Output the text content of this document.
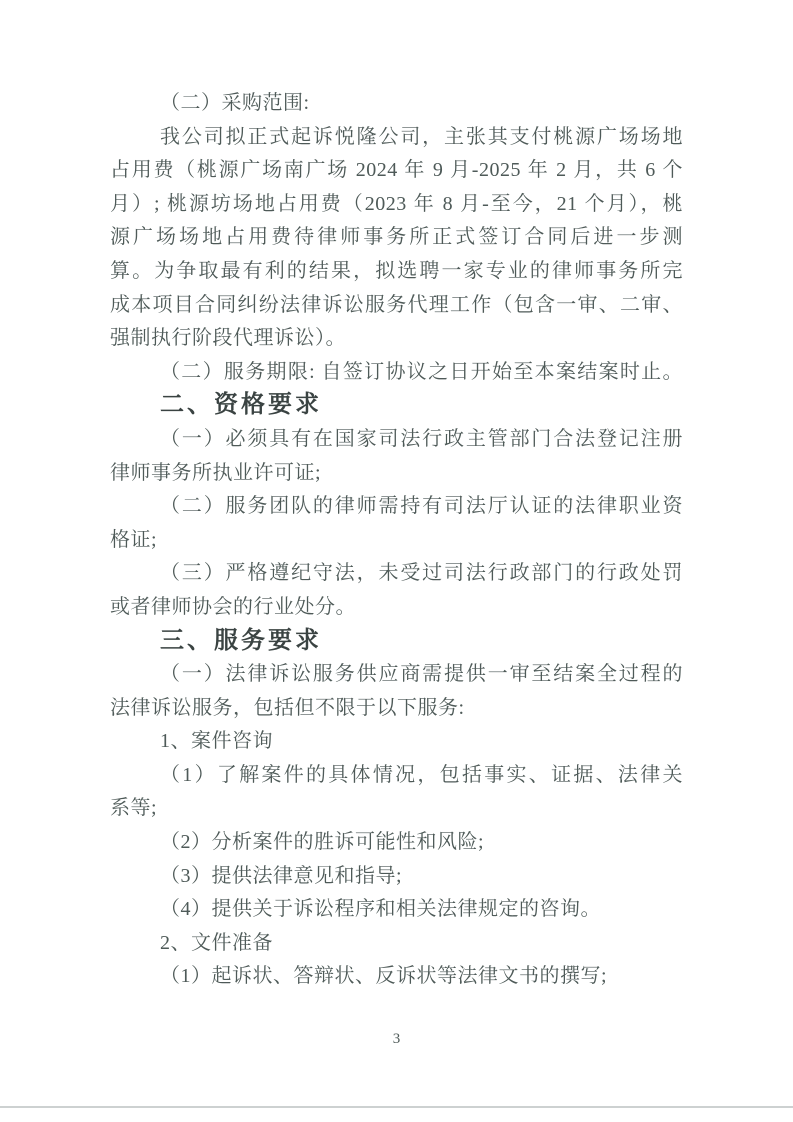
（二）采购范围:

我公司拟正式起诉悦隆公司，主张其支付桃源广场场地

占用费（桃源广场南广场 2024 年 9 月-2025 年 2 月，共 6 个

月）; 桃源坊场地占用费（2023 年 8 月-至今，21 个月），桃

源广场场地占用费待律师事务所正式签订合同后进一步测

算。为争取最有利的结果，拟选聘一家专业的律师事务所完

成本项目合同纠纷法律诉讼服务代理工作（包含一审、二审、

强制执行阶段代理诉讼）。

（二）服务期限: 自签订协议之日开始至本案结案时止。

二、资格要求

（一）必须具有在国家司法行政主管部门合法登记注册

律师事务所执业许可证;

（二）服务团队的律师需持有司法厅认证的法律职业资

格证;

（三）严格遵纪守法，未受过司法行政部门的行政处罚

或者律师协会的行业处分。

三、服务要求

（一）法律诉讼服务供应商需提供一审至结案全过程的

法律诉讼服务，包括但不限于以下服务:

1、案件咨询

（1）了解案件的具体情况，包括事实、证据、法律关

系等;

（2）分析案件的胜诉可能性和风险;

（3）提供法律意见和指导;

（4）提供关于诉讼程序和相关法律规定的咨询。

2、文件准备

（1）起诉状、答辩状、反诉状等法律文书的撰写;

3
